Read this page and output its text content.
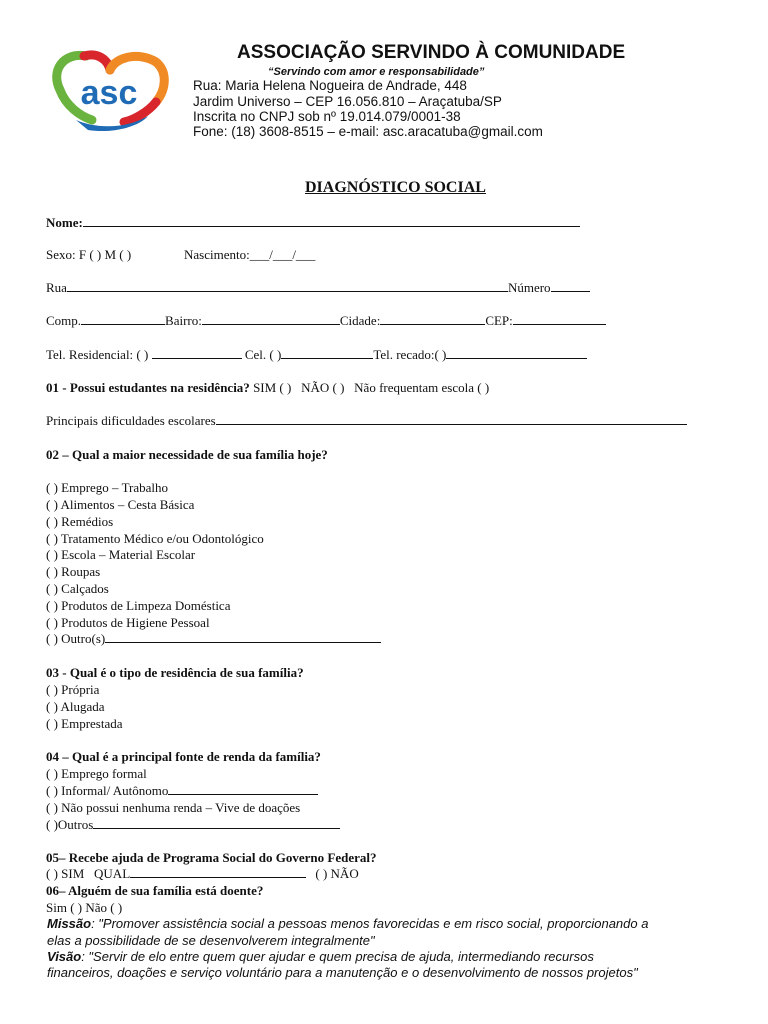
asc
ASSOCIAÇÃO SERVINDO À COMUNIDADE
“Servindo com amor e responsabilidade”
Rua: Maria Helena Nogueira de Andrade, 448
Jardim Universo – CEP 16.056.810 – Araçatuba/SP
Inscrita no CNPJ sob nº 19.014.079/0001-38
Fone: (18) 3608-8515 – e-mail: asc.aracatuba@gmail.com
DIAGNÓSTICO SOCIAL
Nome:
Sexo: F ( ) M ( )	Nascimento:___/___/___
Rua	Número
Comp.	Bairro:	Cidade:	CEP:
Tel. Residencial: ( )	Cel. ( )	Tel. recado:( )
01 - Possui estudantes na residência? SIM ( )   NÃO ( )   Não frequentam escola ( )
Principais dificuldades escolares
02 – Qual a maior necessidade de sua família hoje?
( ) Emprego – Trabalho
( ) Alimentos – Cesta Básica
( ) Remédios
( ) Tratamento Médico e/ou Odontológico
( ) Escola – Material Escolar
( ) Roupas
( ) Calçados
( ) Produtos de Limpeza Doméstica
( ) Produtos de Higiene Pessoal
( ) Outro(s)
03 - Qual é o tipo de residência de sua família?
( ) Própria
( ) Alugada
( ) Emprestada
04 – Qual é a principal fonte de renda da família?
( ) Emprego formal
( ) Informal/ Autônomo
( ) Não possui nenhuma renda – Vive de doações
( )Outros
05– Recebe ajuda de Programa Social do Governo Federal?
( ) SIM   QUAL	( ) NÃO
06– Alguém de sua família está doente?
Sim ( ) Não ( )
Missão: "Promover assistência social a pessoas menos favorecidas e em risco social, proporcionando a
elas a possibilidade de se desenvolverem integralmente"
Visão: "Servir de elo entre quem quer ajudar e quem precisa de ajuda, intermediando recursos
financeiros, doações e serviço voluntário para a manutenção e o desenvolvimento de nossos projetos"
